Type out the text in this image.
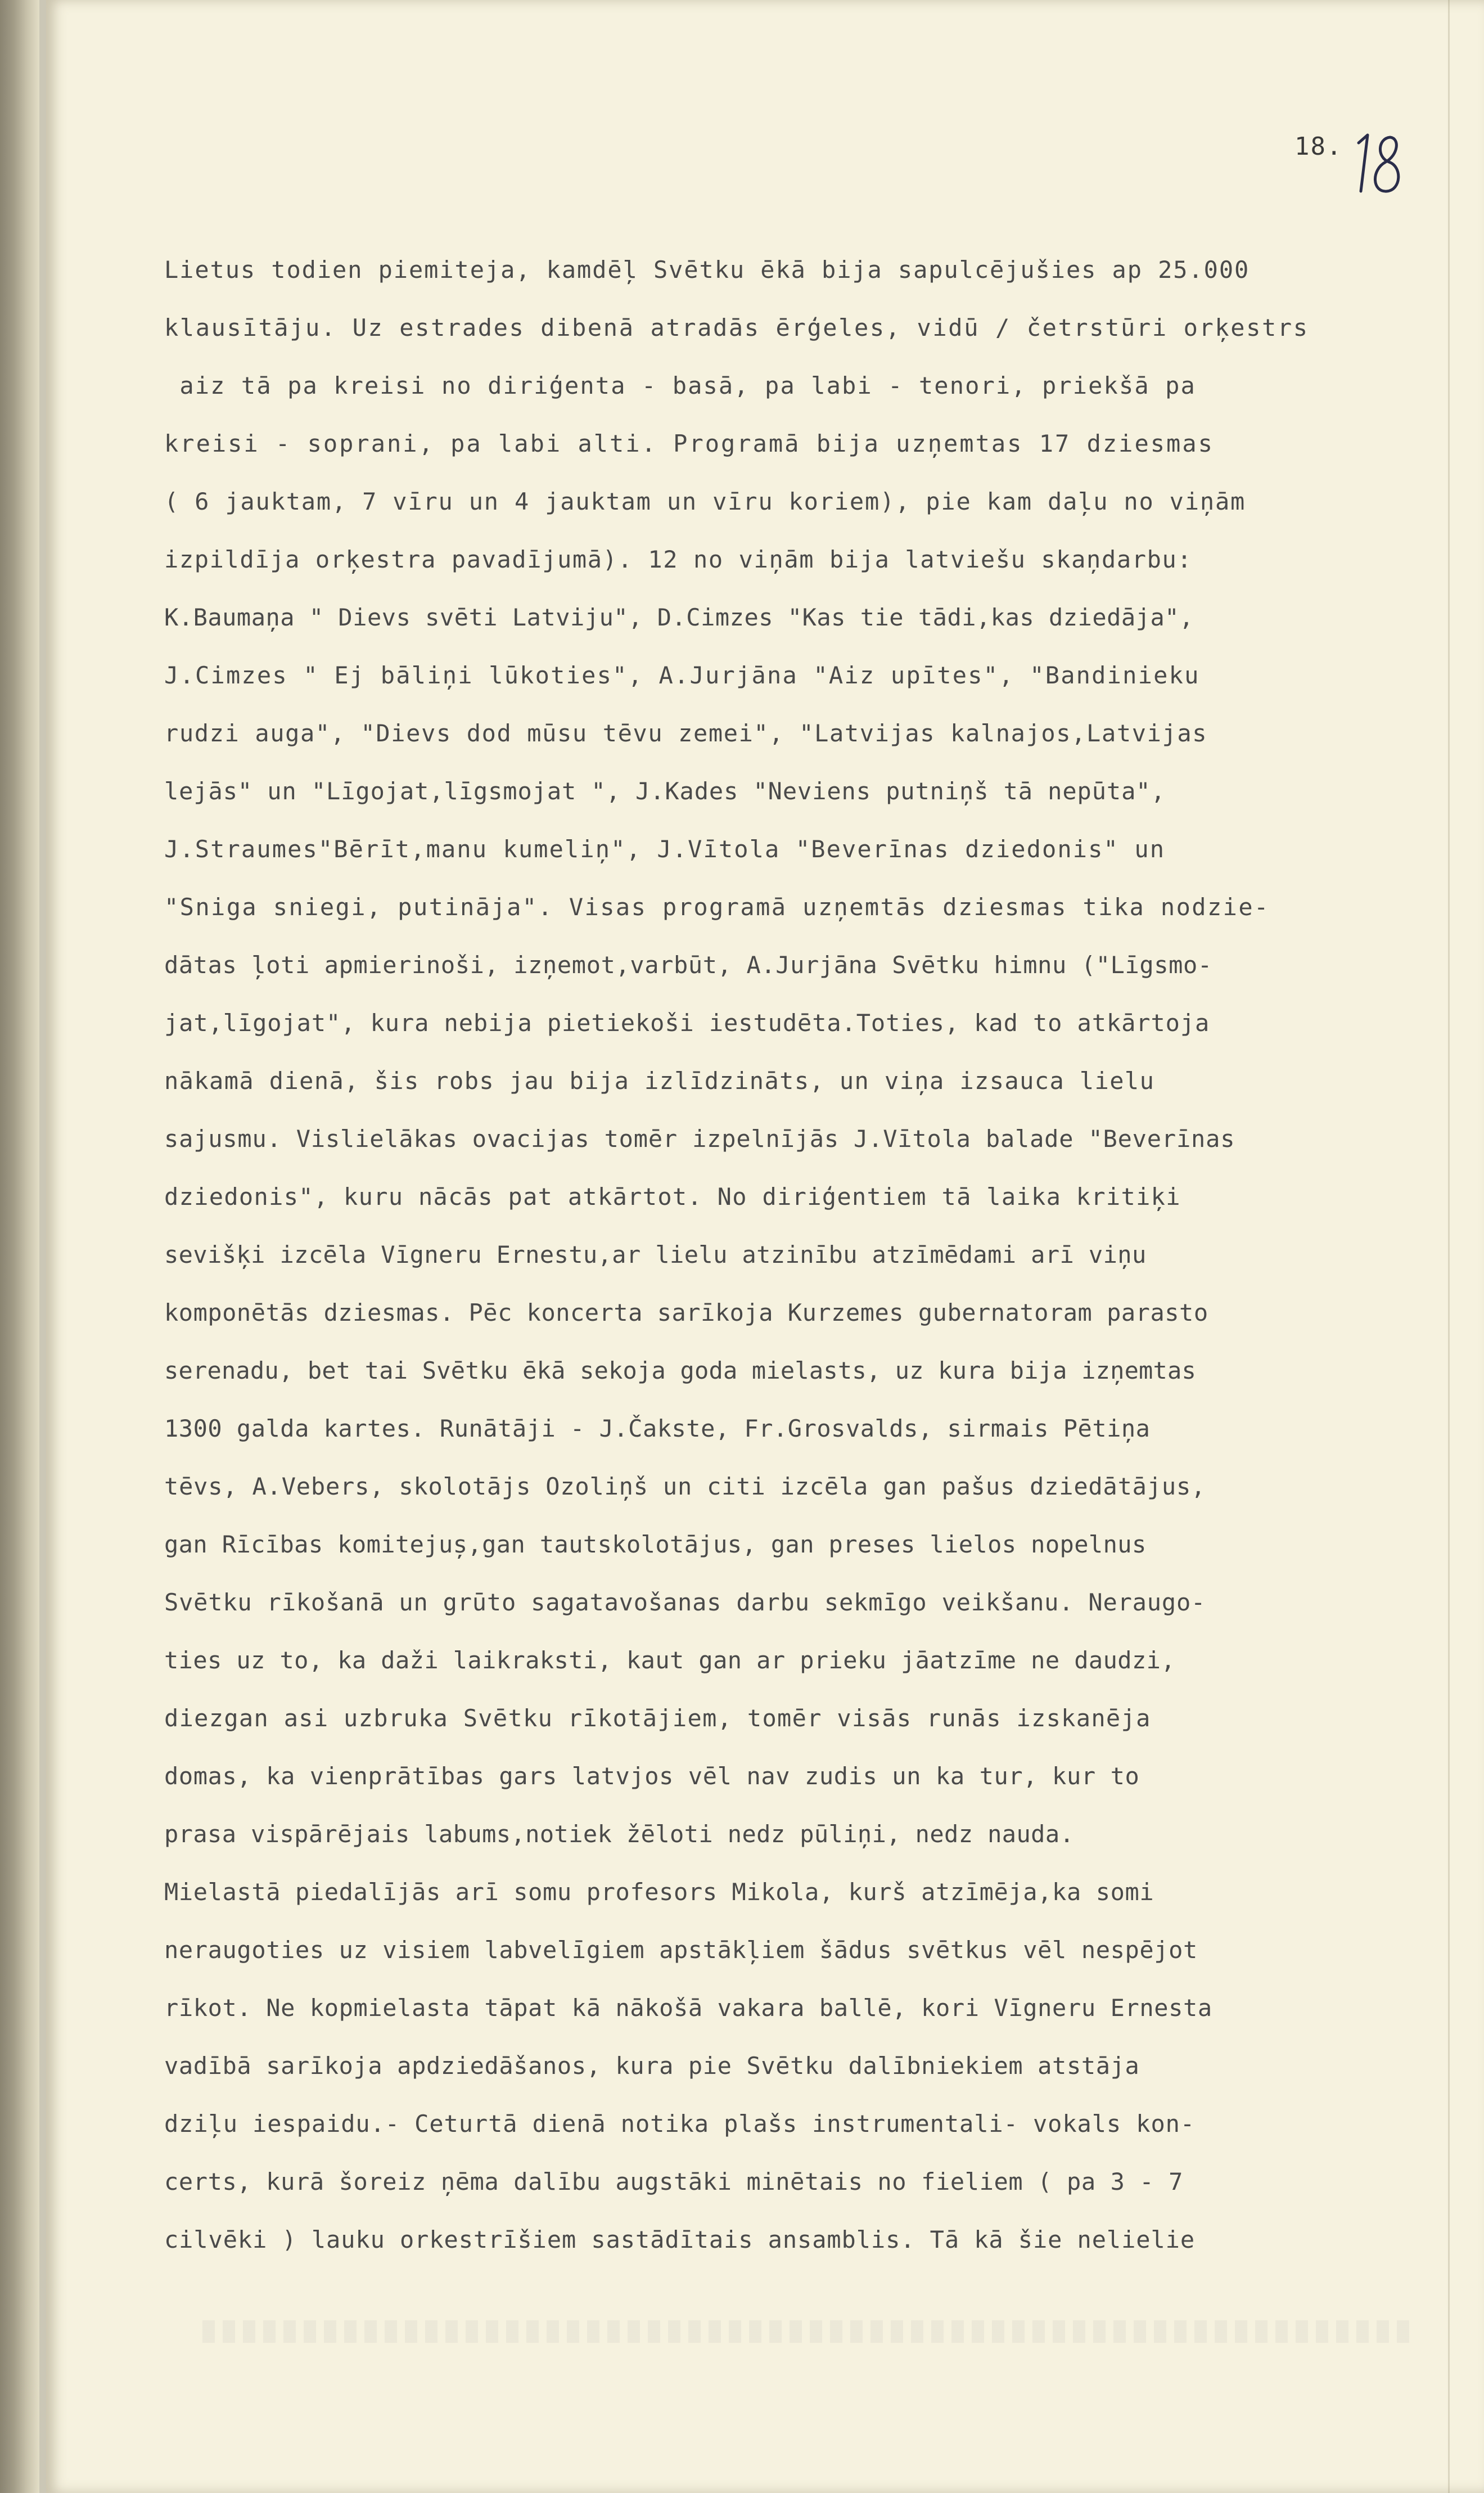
18.
Lietus todien piemiteja, kamdēļ Svētku ēkā bija sapulcējušies ap 25.000
klausītāju. Uz estrades dibenā atradās ērģeles, vidū / četrstūri orķestrs
aiz tā pa kreisi no diriģenta - basā, pa labi - tenori, priekšā pa
kreisi - soprani, pa labi alti. Programā bija uzņemtas 17 dziesmas
( 6 jauktam, 7 vīru un 4 jauktam un vīru koriem), pie kam daļu no viņām
izpildīja orķestra pavadījumā). 12 no viņām bija latviešu skaņdarbu:
K.Baumaņa " Dievs svēti Latviju", D.Cimzes "Kas tie tādi,kas dziedāja",
J.Cimzes " Ej bāliņi lūkoties", A.Jurjāna "Aiz upītes", "Bandinieku
rudzi auga", "Dievs dod mūsu tēvu zemei", "Latvijas kalnajos,Latvijas
lejās" un "Līgojat,līgsmojat ", J.Kades "Neviens putniņš tā nepūta",
J.Straumes"Bērīt,manu kumeliņ", J.Vītola "Beverīnas dziedonis" un
"Sniga sniegi, putināja". Visas programā uzņemtās dziesmas tika nodzie-
dātas ļoti apmierinoši, izņemot,varbūt, A.Jurjāna Svētku himnu ("Līgsmo-
jat,līgojat", kura nebija pietiekoši iestudēta.Toties, kad to atkārtoja
nākamā dienā, šis robs jau bija izlīdzināts, un viņa izsauca lielu
sajusmu. Vislielākas ovacijas tomēr izpelnījās J.Vītola balade "Beverīnas
dziedonis", kuru nācās pat atkārtot. No diriģentiem tā laika kritiķi
sevišķi izcēla Vīgneru Ernestu,ar lielu atzinību atzīmēdami arī viņu
komponētās dziesmas. Pēc koncerta sarīkoja Kurzemes gubernatoram parasto
serenadu, bet tai Svētku ēkā sekoja goda mielasts, uz kura bija izņemtas
1300 galda kartes. Runātāji - J.Čakste, Fr.Grosvalds, sirmais Pētiņa
tēvs, A.Vebers, skolotājs Ozoliņš un citi izcēla gan pašus dziedātājus,
gan Rīcības komitejuș,gan tautskolotājus, gan preses lielos nopelnus
Svētku rīkošanā un grūto sagatavošanas darbu sekmīgo veikšanu. Neraugo-
ties uz to, ka daži laikraksti, kaut gan ar prieku jāatzīme ne daudzi,
diezgan asi uzbruka Svētku rīkotājiem, tomēr visās runās izskanēja
domas, ka vienprātības gars latvjos vēl nav zudis un ka tur, kur to
prasa vispārējais labums,notiek žēloti nedz pūliņi, nedz nauda.
Mielastā piedalījās arī somu profesors Mikola, kurš atzīmēja,ka somi
neraugoties uz visiem labvelīgiem apstākļiem šādus svētkus vēl nespējot
rīkot. Ne kopmielasta tāpat kā nākošā vakara ballē, kori Vīgneru Ernesta
vadībā sarīkoja apdziedāšanos, kura pie Svētku dalībniekiem atstāja
dziļu iespaidu.- Ceturtā dienā notika plašs instrumentali- vokals kon-
certs, kurā šoreiz ņēma dalību augstāki minētais no fieliem ( pa 3 - 7
cilvēki ) lauku orkestrīšiem sastādītais ansamblis. Tā kā šie nelielie
